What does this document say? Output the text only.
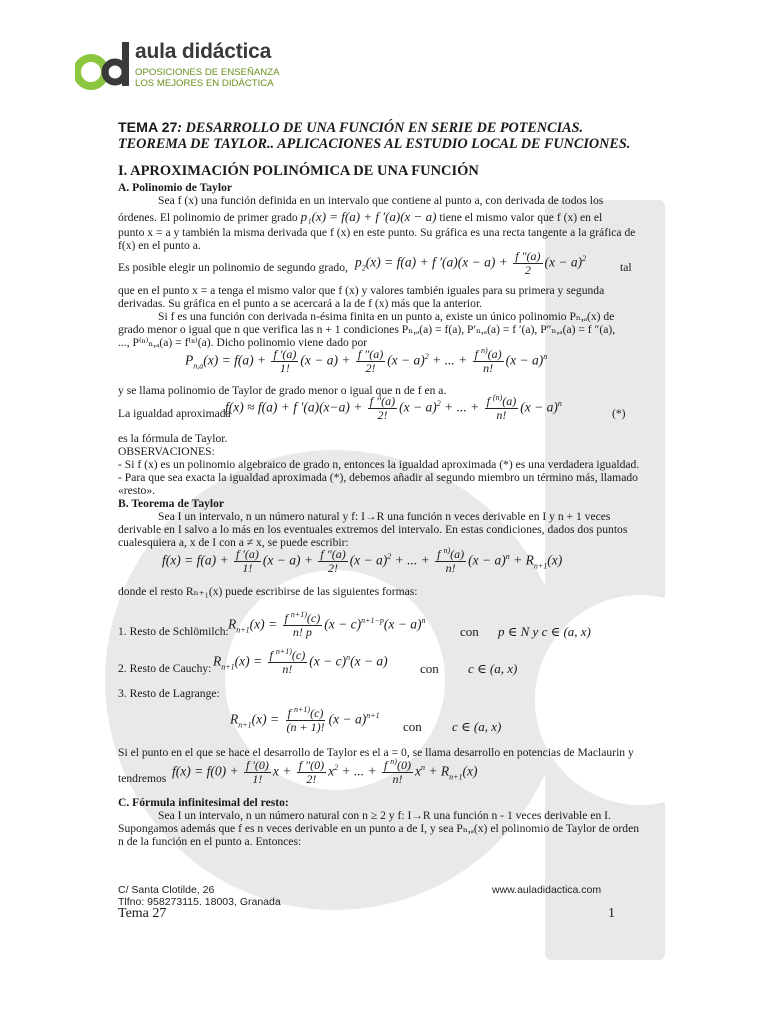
aula didáctica
OPOSICIONES DE ENSEÑANZA
LOS MEJORES EN DIDÁCTICA
TEMA 27: DESARROLLO DE UNA FUNCIÓN EN SERIE DE POTENCIAS.
TEOREMA DE TAYLOR.. APLICACIONES AL ESTUDIO LOCAL DE FUNCIONES.
I. APROXIMACIÓN POLINÓMICA DE UNA FUNCIÓN
A. Polinomio de Taylor
Sea f (x) una función definida en un intervalo que contiene al punto a, con derivada de todos los
órdenes. El polinomio de primer grado p₁(x) = f(a) + f ′(a)(x − a) tiene el mismo valor que f (x) en el
punto x = a y también la misma derivada que f (x) en este punto. Su gráfica es una recta tangente a la gráfica de
f(x) en el punto a.
Es posible elegir un polinomio de segundo grado, $p_2(x) = f(a) + f$ $'(a)(x - a) + \frac{f ''(a)}{2} (x - a)^2$
tal
que en el punto x = a tenga el mismo valor que f (x) y valores también iguales para su primera y segunda
derivadas. Su gráfica en el punto a se acercará a la de f (x) más que la anterior.
Si f es una función con derivada n-ésima finita en un punto a, existe un único polinomio Pₙ,ₐ(x) de
grado menor o igual que n que verifica las n + 1 condiciones Pₙ,ₐ(a) = f(a), P′ₙ,ₐ(a) = f ′(a), P″ₙ,ₐ(a) = f ″(a),
..., P⁽ⁿ⁾ₙ,ₐ(a) = f⁽ⁿ⁾(a). Dicho polinomio viene dado por
$P_{n,a}(x) = f(a) + \frac{f '(a)}{1!} (x - a) + \frac{f ''(a)}{2!} (x - a)^2$ + ... + $\frac{f ^{n)}(a)}{n!} (x - a)^n$
y se llama polinomio de Taylor de grado menor o igual que n de f en a.
La igualdad aproximada
f(x) ≈ f(a) + f $'(a)(x-a) + \frac{f ''(a)}{2!} (x - a)^2$ + ... + $\frac{f ^{(n)}(a)}{n!} (x - a)^n$
(*)
es la fórmula de Taylor.
OBSERVACIONES:
- Si f (x) es un polinomio algebraico de grado n, entonces la igualdad aproximada (*) es una verdadera igualdad.
- Para que sea exacta la igualdad aproximada (*), debemos añadir al segundo miembro un término más, llamado
«resto».
B. Teorema de Taylor
Sea I un intervalo, n un número natural y f: I→R una función n veces derivable en I y n + 1 veces
derivable en I salvo a lo más en los eventuales extremos del intervalo. En estas condiciones, dados dos puntos
cualesquiera a, x de I con a ≠ x, se puede escribir:
$f(x) = f(a) + \frac{f '(a)}{1!} (x - a) + \frac{f ''(a)}{2!} (x - a)^2$ + ... + $\frac{f ^{n)}(a)}{n!} (x - a)^n + R_{n+1}(x)$
donde el resto Rₙ₊₁(x) puede escribirse de las siguientes formas:
1. Resto de Schlömilch: $R_{n+1}(x) = \frac{f ^{n+1)}(c)}{n! p} (x - c)^{n+1-p}(x - a)^n$
con	p ∈ N y c ∈ (a, x)
2. Resto de Cauchy: $R_{n+1}(x) = \frac{f ^{n+1)}(c)}{n!} (x - c)^n(x - a)$ con	c ∈ (a, x)
3. Resto de Lagrange:
$R_{n+1}(x) = \frac{f ^{n+1)}(c)}{(n + 1)!} (x - a)^{n+1}$
con	c ∈ (a, x)
Si el punto en el que se hace el desarrollo de Taylor es el a = 0, se llama desarrollo en potencias de Maclaurin y
tendremos $f(x) = f(0) + \frac{f '(0)}{1!}$ $x + \frac{f ''(0)}{2!} x^2$ + ... + $\frac{f ^{n)}(0)}{n!} x^n + R_{n+1}(x)$
C. Fórmula infinitesimal del resto:
Sea I un intervalo, n un número natural con n ≥ 2 y f: I→R una función n - 1 veces derivable en I.
Supongamos además que f es n veces derivable en un punto a de I, y sea Pₙ,ₐ(x) el polinomio de Taylor de orden
n de la función en el punto a. Entonces:
C/ Santa Clotilde, 26
Tlfno: 958273115. 18003, Granada
www.auladidactica.com
Tema 27	1
